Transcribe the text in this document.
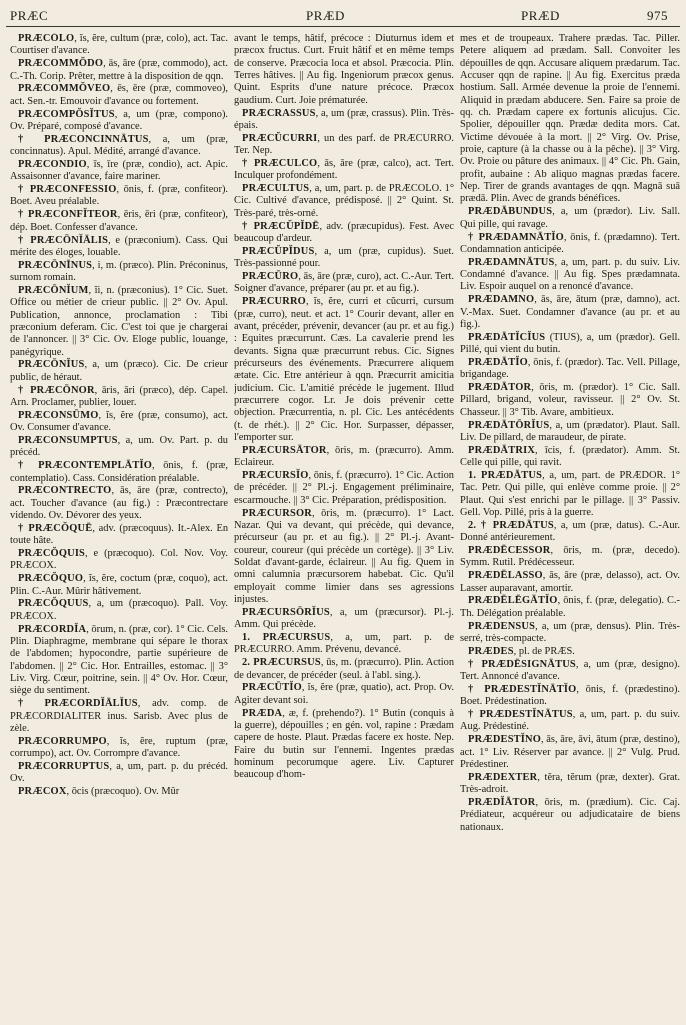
PRÆC	PRÆD	PRÆD	975

PRÆCŎLO, ĭs, ĕre, cultum (præ, colo), act. Tac. Courtiser d'avance.

PRÆCOMMŎDO, ās, āre (præ, commodo), act. C.-Th. Corip. Prêter, mettre à la disposition de qqn.

PRÆCOMMŎVEO, ēs, ēre (præ, commoveo), act. Sen.-tr. Emouvoir d'avance ou fortement.

PRÆCOMPŎSĬTUS, a, um (præ, compono). Ov. Préparé, composé d'avance.

† PRÆCONCINNĀTUS, a, um (præ, concinnatus). Apul. Médité, arrangé d'avance.

PRÆCONDIO, īs, īre (præ, condio), act. Apic. Assaisonner d'avance, faire mariner.

† PRÆCONFESSIO, ōnis, f. (præ, confiteor). Boet. Aveu préalable.

† PRÆCONFĬTEOR, ēris, ēri (præ, confiteor), dép. Boet. Confesser d'avance.

† PRÆCŌNĬĀLIS, e (præconium). Cass. Qui mérite des éloges, louable.

PRÆCŌNĪNUS, i, m. (præco). Plin. Préconinus, surnom romain.

PRÆCŌNĬUM, ĭi, n. (præconius). 1° Cic. Suet. Office ou métier de crieur public. || 2° Ov. Apul. Publication, annonce, proclamation : Tibi præconium deferam. Cic. C'est toi que je chargerai de l'annoncer. || 3° Cic. Ov. Eloge public, louange, panégyrique.

PRÆCŌNĬUS, a, um (præco). Cic. De crieur public, de héraut.

† PRÆCŌNOR, āris, āri (præco), dép. Capel. Arn. Proclamer, publier, louer.

PRÆCONSŪMO, ĭs, ĕre (præ, consumo), act. Ov. Consumer d'avance.

PRÆCONSUMPTUS, a, um. Ov. Part. p. du précéd.

† PRÆCONTEMPLĀTĬO, ōnis, f. (præ, contemplatio). Cass. Considération préalable.

PRÆCONTRECTO, ās, āre (præ, contrecto), act. Toucher d'avance (au fig.) : Præcontrectare videndo. Ov. Dévorer des yeux.

† PRÆCŎQUĒ, adv. (præcoquus). It.-Alex. En toute hâte.

PRÆCŎQUIS, e (præcoquo). Col. Nov. Voy. PRÆCOX.

PRÆCŎQUO, ĭs, ĕre, coctum (præ, coquo), act. Plin. C.-Aur. Mûrir hâtivement.

PRÆCŎQUUS, a, um (præcoquo). Pall. Voy. PRÆCOX.

PRÆCORDĬA, ōrum, n. (præ, cor). 1° Cic. Cels. Plin. Diaphragme, membrane qui sépare le thorax de l'abdomen; hypocondre, partie supérieure de l'abdomen. || 2° Cic. Hor. Entrailles, estomac. || 3° Liv. Virg. Cœur, poitrine, sein. || 4° Ov. Hor. Cœur, siège du sentiment.

† PRÆCORDĬĀLĬUS, adv. comp. de PRÆCORDIALITER inus. Sarisb. Avec plus de zèle.

PRÆCORRUMPO, ĭs, ĕre, ruptum (præ, corrumpo), act. Ov. Corrompre d'avance.

PRÆCORRUPTUS, a, um, part. p. du précéd. Ov.

PRÆCOX, ōcis (præcoquo). Ov. Mûr

avant le temps, hâtif, précoce : Diuturnus idem et præcox fructus. Curt. Fruit hâtif et en même temps de conserve. Præcocia loca et absol. Præcocia. Plin. Terres hâtives. || Au fig. Ingeniorum præcox genus. Quint. Esprits d'une nature précoce. Præcox gaudium. Curt. Joie prématurée.

PRÆCRASSUS, a, um (præ, crassus). Plin. Très-épais.

PRÆCŬCURRI, un des parf. de PRÆCURRO. Ter. Nep.

† PRÆCULCO, ās, āre (præ, calco), act. Tert. Inculquer profondément.

PRÆCULTUS, a, um, part. p. de PRÆCOLO. 1° Cic. Cultivé d'avance, prédisposé. || 2° Quint. St. Très-paré, très-orné.

† PRÆCŬPĬDĒ, adv. (præcupidus). Fest. Avec beaucoup d'ardeur.

PRÆCŬPĬDUS, a, um (præ, cupidus). Suet. Très-passionné pour.

PRÆCŪRO, ās, āre (præ, curo), act. C.-Aur. Tert. Soigner d'avance, préparer (au pr. et au fig.).

PRÆCURRO, ĭs, ĕre, curri et cŭcurri, cursum (præ, curro), neut. et act. 1° Courir devant, aller en avant, précéder, prévenir, devancer (au pr. et au fig.) : Equites præcurrunt. Cæs. La cavalerie prend les devants. Signa quæ præcurrunt rebus. Cic. Signes précurseurs des événements. Præcurrere aliquem ætate. Cic. Etre antérieur à qqn. Præcurrit amicitia judicium. Cic. L'amitié précède le jugement. Illud præcurrere cogor. Lr. Je dois prévenir cette objection. Præcurrentia, n. pl. Cic. Les antécédents (t. de rhét.). || 2° Cic. Hor. Surpasser, dépasser, l'emporter sur.

PRÆCURSĀTOR, ōris, m. (præcurro). Amm. Eclaireur.

PRÆCURSĬO, ōnis, f. (præcurro). 1° Cic. Action de précéder. || 2° Pl.-j. Engagement préliminaire, escarmouche. || 3° Cic. Préparation, prédisposition.

PRÆCURSOR, ōris, m. (præcurro). 1° Lact. Nazar. Qui va devant, qui précède, qui devance, précurseur (au pr. et au fig.). || 2° Pl.-j. Avant-coureur, coureur (qui précède un cortège). || 3° Liv. Soldat d'avant-garde, éclaireur. || Au fig. Quem in omni calumnia præcursorem habebat. Cic. Qu'il employait comme limier dans ses agressions injustes.

PRÆCURSŌRĬUS, a, um (præcursor). Pl.-j. Amm. Qui précède.

1. PRÆCURSUS, a, um, part. p. de PRÆCURRO. Amm. Prévenu, devancé.

2. PRÆCURSUS, ūs, m. (præcurro). Plin. Action de devancer, de précéder (seul. à l'abl. sing.).

PRÆCŪTĬO, ĭs, ĕre (præ, quatio), act. Prop. Ov. Agiter devant soi.

PRÆDA, æ, f. (prehendo?). 1° Butin (conquis à la guerre), dépouilles ; en gén. vol, rapine : Prædam capere de hoste. Plaut. Prædas facere ex hoste. Nep. Faire du butin sur l'ennemi. Ingentes prædas hominum pecorumque agere. Liv. Capturer beaucoup d'hom-

mes et de troupeaux. Trahere prædas. Tac. Piller. Petere aliquem ad prædam. Sall. Convoiter les dépouilles de qqn. Accusare aliquem prædarum. Tac. Accuser qqn de rapine. || Au fig. Exercitus præda hostium. Sall. Armée devenue la proie de l'ennemi. Aliquid in prædam abducere. Sen. Faire sa proie de qq. ch. Prædam capere ex fortunis alicujus. Cic. Spolier, dépouiller qqn. Prædæ dedita mors. Cat. Victime dévouée à la mort. || 2° Virg. Ov. Prise, proie, capture (à la chasse ou à la pêche). || 3° Virg. Ov. Proie ou pâture des animaux. || 4° Cic. Ph. Gain, profit, aubaine : Ab aliquo magnas prædas facere. Nep. Tirer de grands avantages de qqn. Magnā suā prædā. Plin. Avec de grands bénéfices.

PRÆDĀBUNDUS, a, um (prædor). Liv. Sall. Qui pille, qui ravage.

† PRÆDAMNĀTĬO, ōnis, f. (prædamno). Tert. Condamnation anticipée.

PRÆDAMNĀTUS, a, um, part. p. du suiv. Liv. Condamné d'avance. || Au fig. Spes prædamnata. Liv. Espoir auquel on a renoncé d'avance.

PRÆDAMNO, ās, āre, ātum (præ, damno), act. V.-Max. Suet. Condamner d'avance (au pr. et au fig.).

PRÆDĀTĬCĬUS (TIUS), a, um (prædor). Gell. Pillé, qui vient du butin.

PRÆDĀTĬO, ōnis, f. (prædor). Tac. Vell. Pillage, brigandage.

PRÆDĀTOR, ōris, m. (prædor). 1° Cic. Sall. Pillard, brigand, voleur, ravisseur. || 2° Ov. St. Chasseur. || 3° Tib. Avare, ambitieux.

PRÆDĀTŌRĬUS, a, um (prædator). Plaut. Sall. Liv. De pillard, de maraudeur, de pirate.

PRÆDĀTRIX, īcis, f. (prædator). Amm. St. Celle qui pille, qui ravit.

1. PRÆDĀTUS, a, um, part. de PRÆDOR. 1° Tac. Petr. Qui pille, qui enlève comme proie. || 2° Plaut. Qui s'est enrichi par le pillage. || 3° Passiv. Gell. Vop. Pillé, pris à la guerre.

2. † PRÆDĀTUS, a, um (præ, datus). C.-Aur. Donné antérieurement.

PRÆDĒCESSOR, ōris, m. (præ, decedo). Symm. Rutil. Prédécesseur.

PRÆDĒLASSO, ās, āre (præ, delasso), act. Ov. Lasser auparavant, amortir.

PRÆDĒLĒGĀTĬO, ōnis, f. (præ, delegatio). C.-Th. Délégation préalable.

PRÆDENSUS, a, um (præ, densus). Plin. Très-serré, très-compacte.

PRÆDES, pl. de PRÆS.

† PRÆDĒSIGNĀTUS, a, um (præ, designo). Tert. Annoncé d'avance.

† PRÆDESTĬNĀTĬO, ōnis, f. (prædestino). Boet. Prédestination.

† PRÆDESTĬNĀTUS, a, um, part. p. du suiv. Aug. Prédestiné.

PRÆDESTĬNO, ās, āre, āvi, ātum (præ, destino), act. 1° Liv. Réserver par avance. || 2° Vulg. Prud. Prédestiner.

PRÆDEXTER, tĕra, tĕrum (præ, dexter). Grat. Très-adroit.

PRÆDĬĀTOR, ōris, m. (prædium). Cic. Caj. Prédiateur, acquéreur ou adjudicataire de biens nationaux.
